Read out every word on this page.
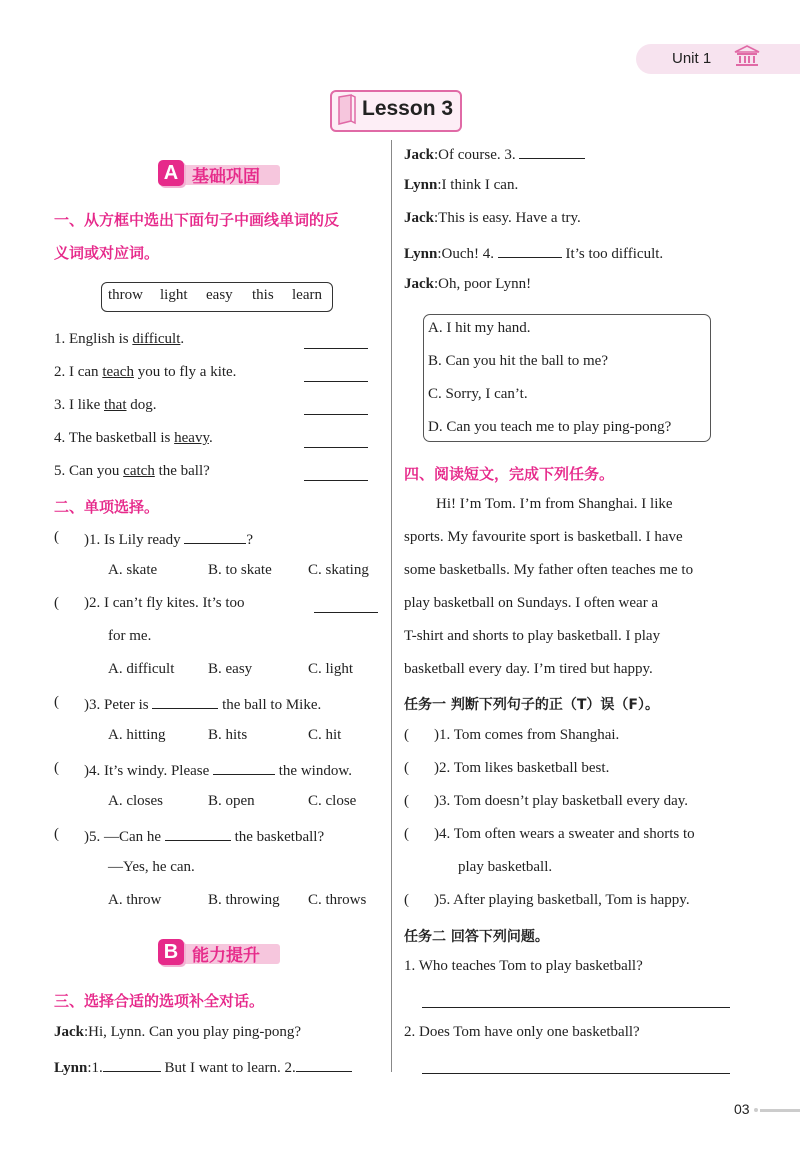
Unit 1
Lesson 3
A 基础巩固
一、从方框中选出下面句子中画线单词的反
义词或对应词。
throw light easy this learn
1. English is difficult.
2. I can teach you to fly a kite.
3. I like that dog.
4. The basketball is heavy.
5. Can you catch the ball?
二、单项选择。
( )1. Is Lily ready	?
A. skate	B. to skate C. skating
( )2. I can’t fly kites. It’s too
for me.
A. difficult B. easy	C. light
( )3. Peter is	the ball to Mike.
A. hitting	B. hits	C. hit
( )4. It’s windy. Please	the window.
A. closes	B. open	C. close
( )5. —Can he	the basketball?
—Yes, he can.
A. throw	B. throwing C. throws
B 能力提升
三、选择合适的选项补全对话。
Jack:Hi, Lynn. Can you play ping-pong?
Lynn:1.	But I want to learn. 2.
Jack:Of course. 3.
Lynn:I think I can.
Jack:This is easy. Have a try.
Lynn:Ouch! 4.	It’s too difficult.
Jack:Oh, poor Lynn!
A. I hit my hand.
B. Can you hit the ball to me?
C. Sorry, I can’t.
D. Can you teach me to play ping-pong?
四、阅读短文，完成下列任务。
Hi! I’m Tom. I’m from Shanghai. I like
sports. My favourite sport is basketball. I have
some basketballs. My father often teaches me to
play basketball on Sundays. I often wear a
T-shirt and shorts to play basketball. I play
basketball every day. I’m tired but happy.
任务一 判断下列句子的正（T）误（F）。
( )1. Tom comes from Shanghai.
( )2. Tom likes basketball best.
( )3. Tom doesn’t play basketball every day.
( )4. Tom often wears a sweater and shorts to
play basketball.
( )5. After playing basketball, Tom is happy.
任务二 回答下列问题。
1. Who teaches Tom to play basketball?
2. Does Tom have only one basketball?
03
